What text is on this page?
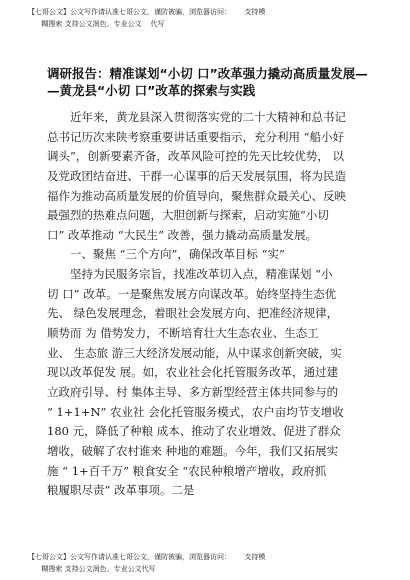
【七哥公文】公文写作请认准七哥公文，谨防被骗，浏览器访问：      支持模
糊搜索 支持公文润色、专业公文    代写
调研报告：精准谋划“小切 口”改革强力撬动高质量发展—
—黄龙县“小切 口”改革的探索与实践
　　近年来，黄龙县深入贯彻落实党的二十大精神和总书记
总书记历次来陕考察重要讲话重要指示，充分利用 “船小好
调头”，创新要素齐备，改革风险可控的先天比较优势， 以
及党政团结奋进、干群一心谋事的后天发展氛围，将为民造
福作为推动高质量发展的价值导向，聚焦群众最关心、反映
最强烈的热难点问题，大胆创新与探索，启动实施“小切
口” 改革推动 “大民生” 改善，强力撬动高质量发展。
　　一、聚焦 “三个方向”，确保改革目标 “实”
　　坚持为民服务宗旨，找准改革切入点，精准谋划 “小
切 口” 改革。一是聚焦发展方向谋改革。始终坚持生态优
先、 绿色发展理念，着眼社会发展方向、把准经济规律，
顺势而 为 借势发力，不断培育壮大生态农业、生态工
业、 生态旅 游三大经济发展动能，从中谋求创新突破，实
现以改革促发 展。如，农业社会化托管服务改革，通过建
立政府引导、村 集体主导、多方新型经营主体共同参与的
“ 1+1+N” 农业社 会化托管服务模式，农户亩均节支增收
180 元，降低了种粮 成本、推动了农业增效、促进了群众
增收，破解了农村谁来 种地的难题。今年，我们又拓展实
施 “ 1+百千万” 粮食安全 “农民种粮增产增收，政府抓
粮履职尽责” 改革事项。二是
【七哥公文】公文写作请认准七哥公文，谨防被骗，浏览器访问：      支持模
糊搜索 支持公文润色、专业公文代写
